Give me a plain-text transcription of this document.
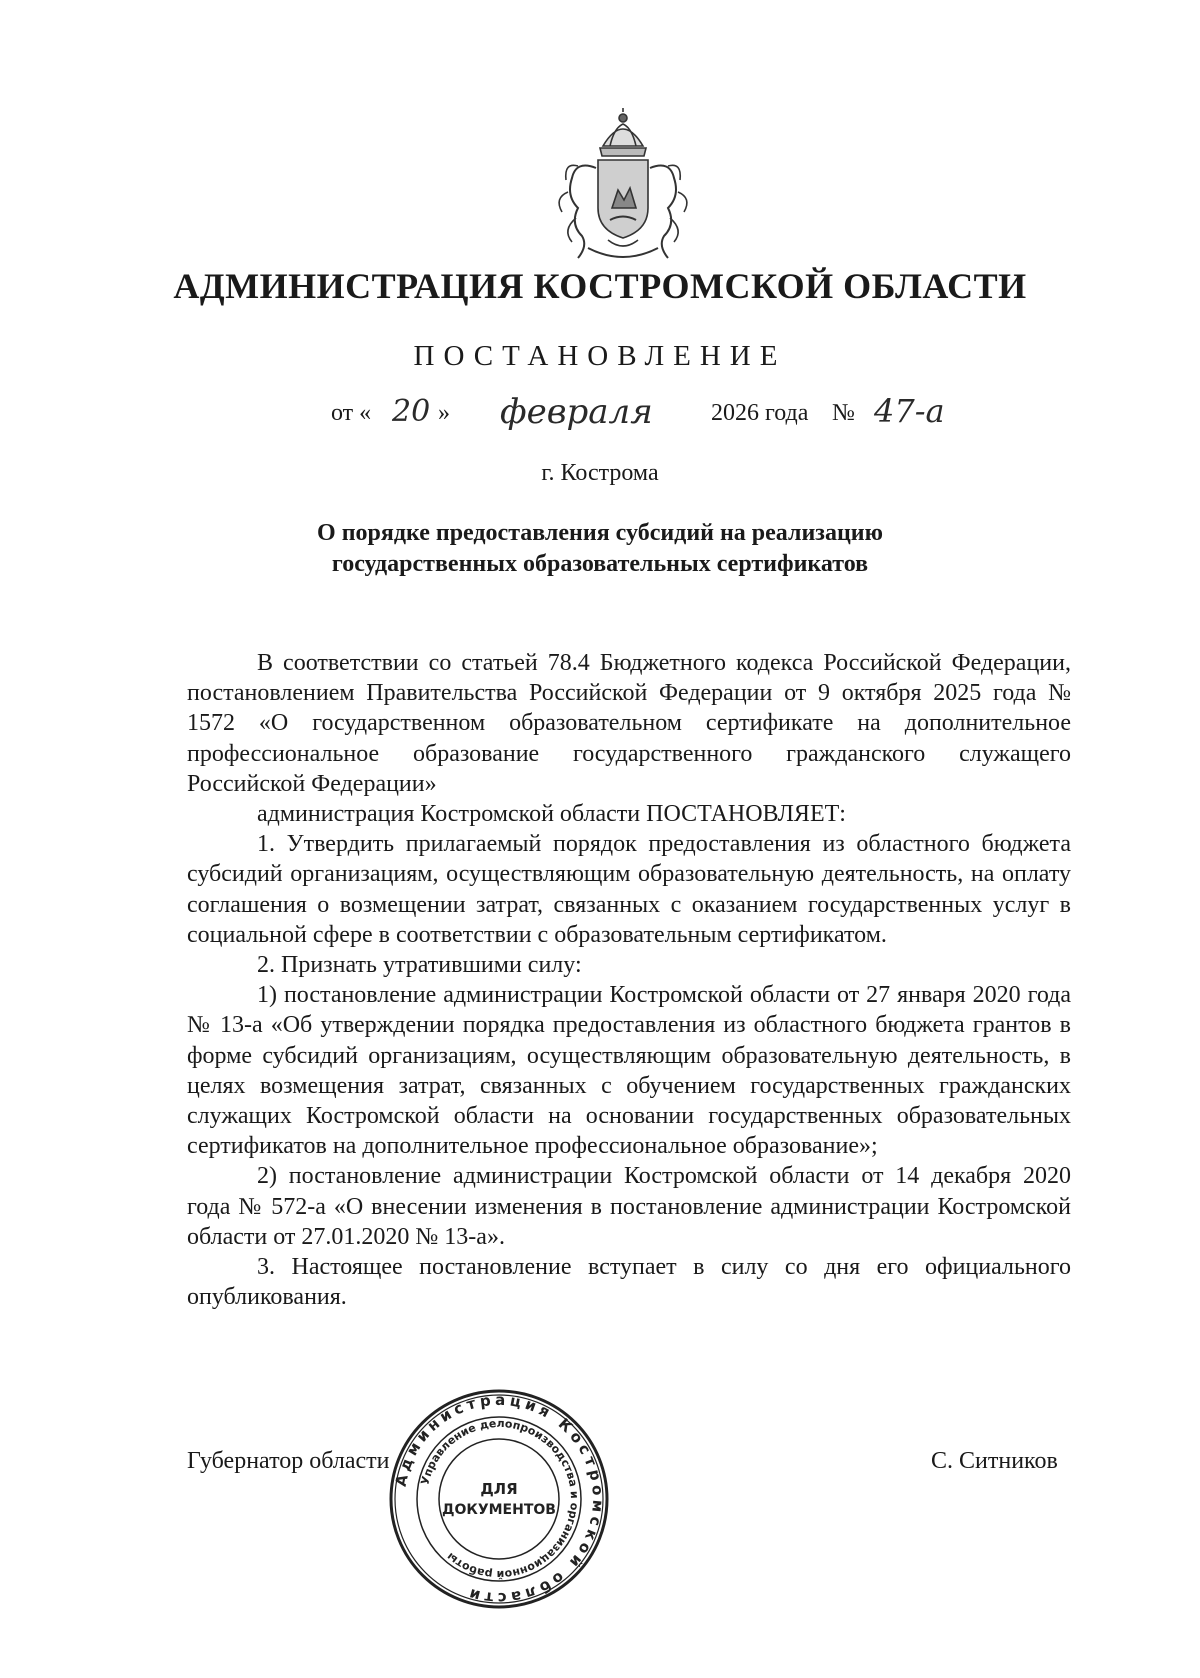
АДМИНИСТРАЦИЯ КОСТРОМСКОЙ ОБЛАСТИ
ПОСТАНОВЛЕНИЕ
от « 20 » февраля 2026 года № 47-а
г. Кострома
О порядке предоставления субсидий на реализацию
государственных образовательных сертификатов

В соответствии со статьей 78.4 Бюджетного кодекса Российской Федерации, постановлением Правительства Российской Федерации от 9 октября 2025 года № 1572 «О государственном образовательном сертификате на дополнительное профессиональное образование государственного гражданского служащего Российской Федерации»

администрация Костромской области ПОСТАНОВЛЯЕТ:

1. Утвердить прилагаемый порядок предоставления из областного бюджета субсидий организациям, осуществляющим образовательную деятельность, на оплату соглашения о возмещении затрат, связанных с оказанием государственных услуг в социальной сфере в соответствии с образовательным сертификатом.

2. Признать утратившими силу:

1) постановление администрации Костромской области от 27 января 2020 года № 13-а «Об утверждении порядка предоставления из областного бюджета грантов в форме субсидий организациям, осуществляющим образовательную деятельность, в целях возмещения затрат, связанных с обучением государственных гражданских служащих Костромской области на основании государственных образовательных сертификатов на дополнительное профессиональное образование»;

2) постановление администрации Костромской области от 14 декабря 2020 года № 572-а «О внесении изменения в постановление администрации Костромской области от 27.01.2020 № 13-а».

3. Настоящее постановление вступает в силу со дня его официального опубликования.

Губернатор области	С. Ситников
Администрация Костромской области
Управление делопроизводства и организационной работы
ДЛЯ
ДОКУМЕНТОВ
